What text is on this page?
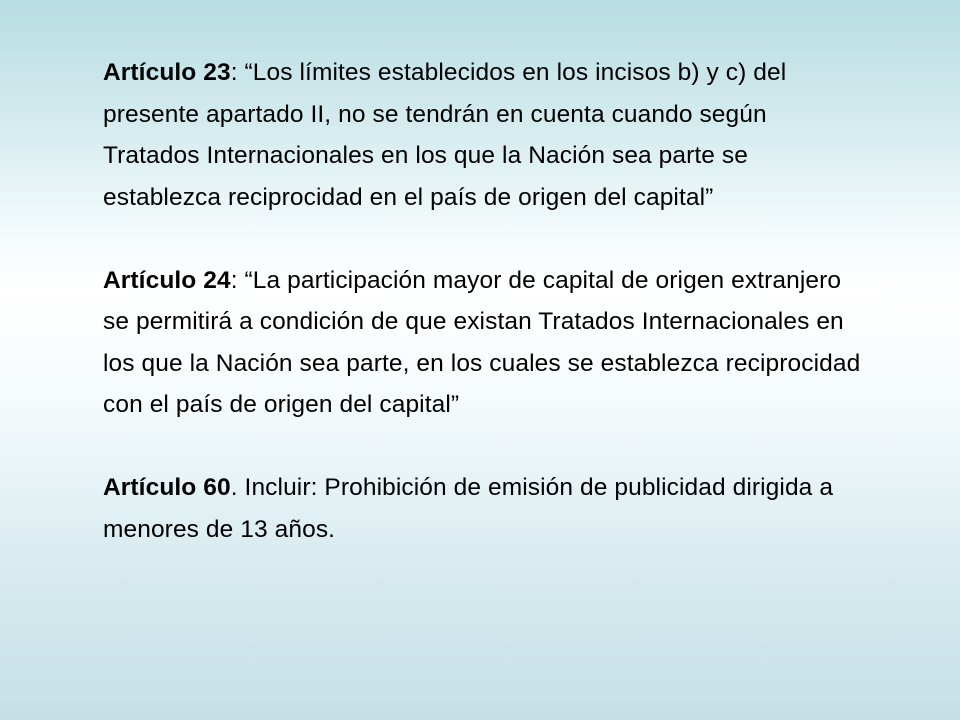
Artículo 23: “Los límites establecidos en los incisos b) y c) del presente apartado II, no se tendrán en cuenta cuando según Tratados Internacionales en los que la Nación sea parte se establezca reciprocidad en el país de origen del capital”

Artículo 24: “La participación mayor de capital de origen extranjero se permitirá a condición de que existan Tratados Internacionales en los que la Nación sea parte, en los cuales se establezca reciprocidad con el país de origen del capital”

Artículo 60. Incluir: Prohibición de emisión de publicidad dirigida a menores de 13 años.
